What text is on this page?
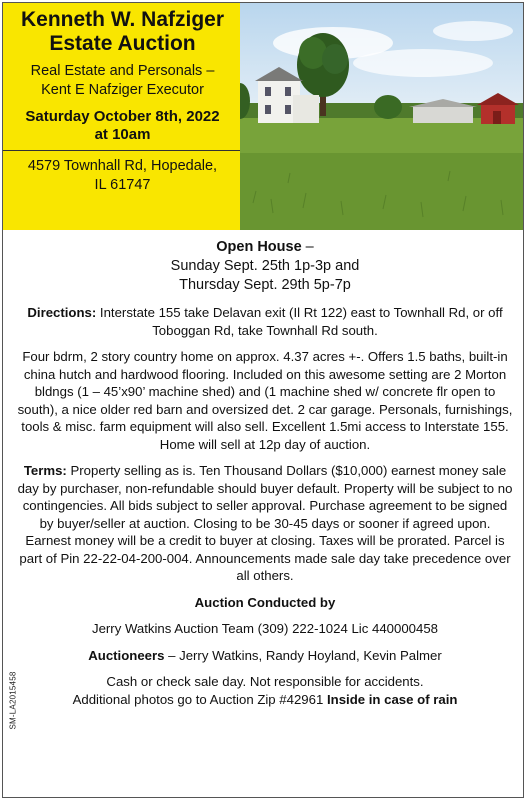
Kenneth W. Nafziger
Estate Auction
Real Estate and Personals –
Kent E Nafziger Executor
Saturday October 8th, 2022
at 10am
4579 Townhall Rd, Hopedale,
IL 61747
Open House –
Sunday Sept. 25th 1p-3p and
Thursday Sept. 29th 5p-7p
Directions: Interstate 155 take Delavan exit (Il Rt 122) east to Townhall Rd, or off Toboggan Rd, take Townhall Rd south.
Four bdrm, 2 story country home on approx. 4.37 acres +-. Offers 1.5 baths, built-in china hutch and hardwood flooring. Included on this awesome setting are 2 Morton bldngs (1 – 45’x90’ machine shed) and (1 machine shed w/ concrete flr open to south), a nice older red barn and oversized det. 2 car garage. Personals, furnishings, tools & misc. farm equipment will also sell. Excellent 1.5mi access to Interstate 155. Home will sell at 12p day of auction.
Terms: Property selling as is. Ten Thousand Dollars ($10,000) earnest money sale day by purchaser, non-refundable should buyer default. Property will be subject to no contingencies. All bids subject to seller approval. Purchase agreement to be signed by buyer/seller at auction. Closing to be 30-45 days or sooner if agreed upon. Earnest money will be a credit to buyer at closing. Taxes will be prorated. Parcel is part of Pin 22-22-04-200-004. Announcements made sale day take precedence over all others.
Auction Conducted by
Jerry Watkins Auction Team (309) 222-1024 Lic 440000458
Auctioneers – Jerry Watkins, Randy Hoyland, Kevin Palmer
Cash or check sale day. Not responsible for accidents.
Additional photos go to Auction Zip #42961 Inside in case of rain
SM-LA2015458
